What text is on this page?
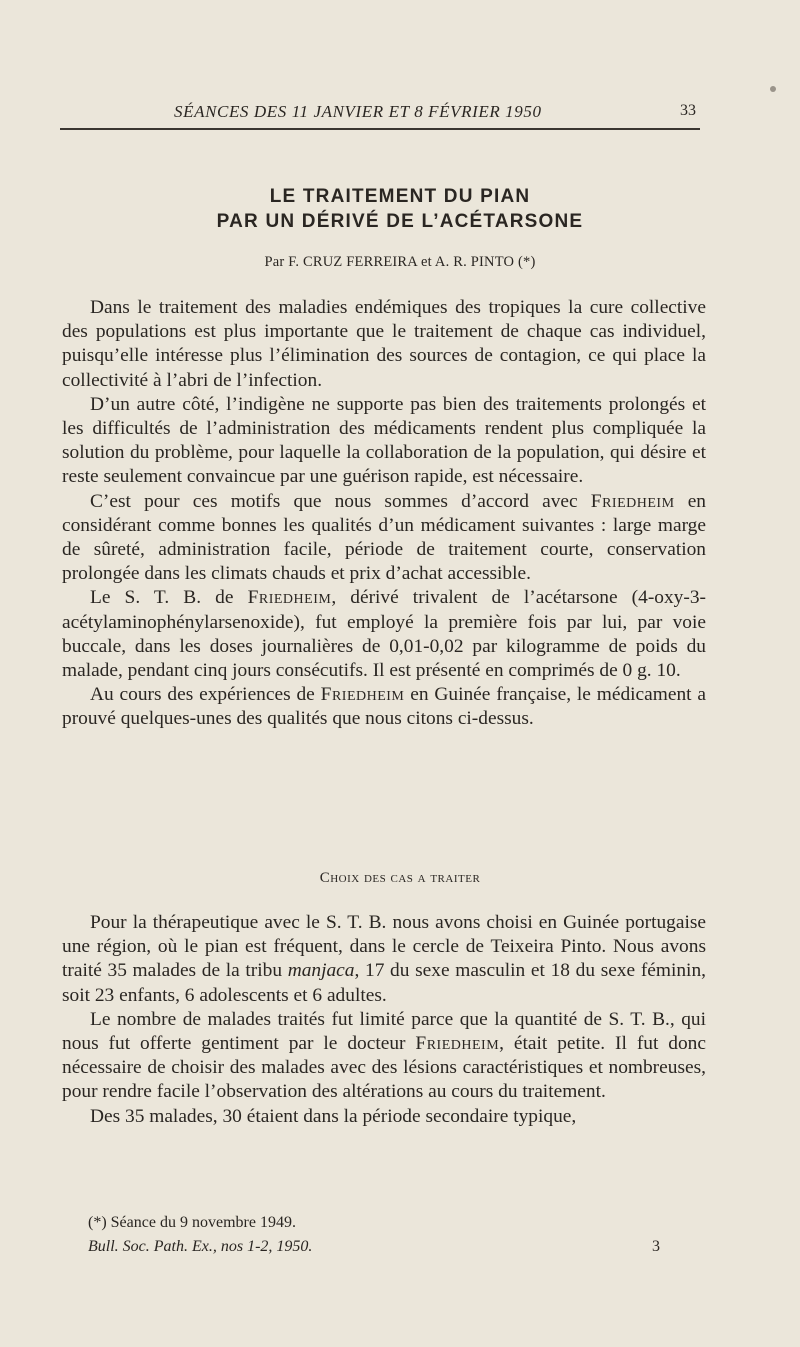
SÉANCES DES 11 JANVIER ET 8 FÉVRIER 1950	33
LE TRAITEMENT DU PIAN
PAR UN DÉRIVÉ DE L’ACÉTARSONE
Par F. CRUZ FERREIRA et A. R. PINTO (*)

Dans le traitement des maladies endémiques des tropiques la cure collective des populations est plus importante que le traitement de chaque cas individuel, puisqu’elle intéresse plus l’élimination des sources de contagion, ce qui place la collectivité à l’abri de l’infection.

D’un autre côté, l’indigène ne supporte pas bien des traitements prolongés et les difficultés de l’administration des médicaments rendent plus compliquée la solution du problème, pour laquelle la collaboration de la population, qui désire et reste seulement convaincue par une guérison rapide, est nécessaire.

C’est pour ces motifs que nous sommes d’accord avec Friedheim en considérant comme bonnes les qualités d’un médicament suivantes : large marge de sûreté, administration facile, période de traitement courte, conservation prolongée dans les climats chauds et prix d’achat accessible.

Le S. T. B. de Friedheim, dérivé trivalent de l’acétarsone (4-oxy-3-acétylaminophénylarsenoxide), fut employé la première fois par lui, par voie buccale, dans les doses journalières de 0,01-0,02 par kilogramme de poids du malade, pendant cinq jours consécutifs. Il est présenté en comprimés de 0 g. 10.

Au cours des expériences de Friedheim en Guinée française, le médicament a prouvé quelques-unes des qualités que nous citons ci-dessus.

Choix des cas a traiter

Pour la thérapeutique avec le S. T. B. nous avons choisi en Guinée portugaise une région, où le pian est fréquent, dans le cercle de Teixeira Pinto. Nous avons traité 35 malades de la tribu manjaca, 17 du sexe masculin et 18 du sexe féminin, soit 23 enfants, 6 adolescents et 6 adultes.

Le nombre de malades traités fut limité parce que la quantité de S. T. B., qui nous fut offerte gentiment par le docteur Friedheim, était petite. Il fut donc nécessaire de choisir des malades avec des lésions caractéristiques et nombreuses, pour rendre facile l’observation des altérations au cours du traitement.

Des 35 malades, 30 étaient dans la période secondaire typique,

(*) Séance du 9 novembre 1949.
Bull. Soc. Path. Ex., nos 1-2, 1950.	3
